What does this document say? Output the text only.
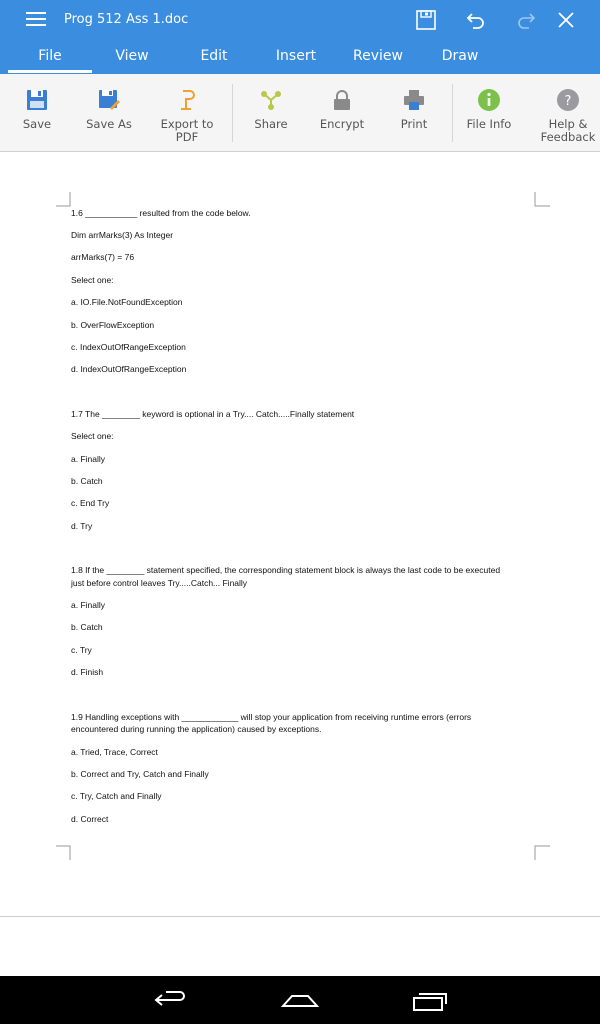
Prog 512 Ass 1.doc
File	View	Edit	Insert	Review	Draw
Save	Save As	Export to
PDF
Share	Encrypt	Print	File Info
?
Help &
Feedback
1.6 ___________ resulted from the code below.
Dim arrMarks(3) As Integer
arrMarks(7) = 76
Select one:
a. IO.File.NotFoundException
b. OverFlowException
c. IndexOutOfRangeException
d. IndexOutOfRangeException
1.7 The ________ keyword is optional in a Try.... Catch.....Finally statement
Select one:
a. Finally
b. Catch
c. End Try
d. Try
1.8 If the ________ statement specified, the corresponding statement block is always the last code to be executed
just before control leaves Try.....Catch... Finally
a. Finally
b. Catch
c. Try
d. Finish
1.9 Handling exceptions with ____________ will stop your application from receiving runtime errors (errors
encountered during running the application) caused by exceptions.
a. Tried, Trace, Correct
b. Correct and Try, Catch and Finally
c. Try, Catch and Finally
d. Correct
